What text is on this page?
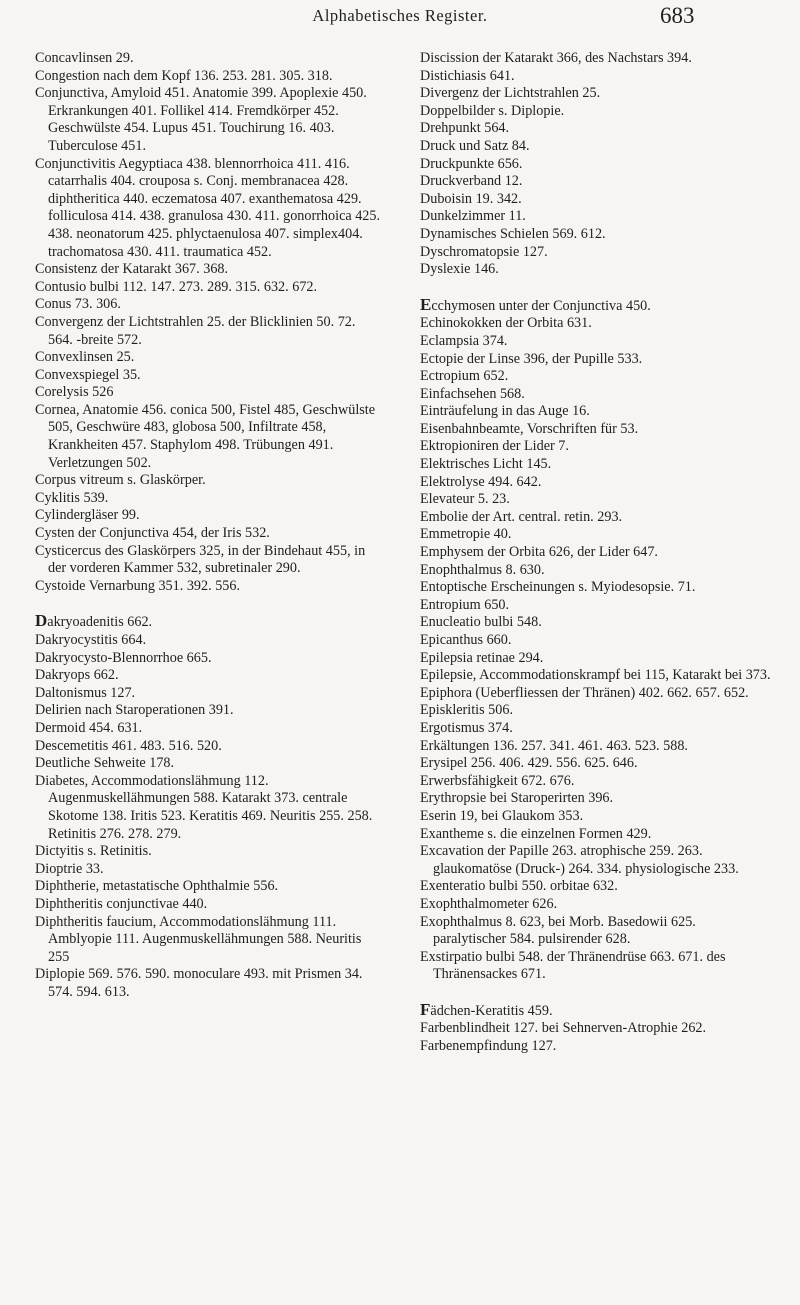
Alphabetisches Register.	683

Concavlinsen 29.

Congestion nach dem Kopf 136. 253. 281. 305. 318.

Conjunctiva, Amyloid 451. Anatomie 399. Apoplexie 450. Erkrankungen 401. Follikel 414. Fremdkörper 452. Geschwülste 454. Lupus 451. Touchirung 16. 403. Tuberculose 451.

Conjunctivitis Aegyptiaca 438. blennorrhoica 411. 416. catarrhalis 404. crouposa s. Conj. membranacea 428. diphtheritica 440. eczematosa 407. exanthematosa 429. folliculosa 414. 438. granulosa 430. 411. gonorrhoica 425. 438. neonatorum 425. phlyctaenulosa 407. simplex404. trachomatosa 430. 411. traumatica 452.

Consistenz der Katarakt 367. 368.

Contusio bulbi 112. 147. 273. 289. 315. 632. 672.

Conus 73. 306.

Convergenz der Lichtstrahlen 25. der Blicklinien 50. 72. 564. -breite 572.

Convexlinsen 25.

Convexspiegel 35.

Corelysis 526

Cornea, Anatomie 456. conica 500, Fistel 485, Geschwülste 505, Geschwüre 483, globosa 500, Infiltrate 458, Krankheiten 457. Staphylom 498. Trübungen 491. Verletzungen 502.

Corpus vitreum s. Glaskörper.

Cyklitis 539.

Cylindergläser 99.

Cysten der Conjunctiva 454, der Iris 532.

Cysticercus des Glaskörpers 325, in der Bindehaut 455, in der vorderen Kammer 532, subretinaler 290.

Cystoide Vernarbung 351. 392. 556.

Dakryoadenitis 662.

Dakryocystitis 664.

Dakryocysto-Blennorrhoe 665.

Dakryops 662.

Daltonismus 127.

Delirien nach Staroperationen 391.

Dermoid 454. 631.

Descemetitis 461. 483. 516. 520.

Deutliche Sehweite 178.

Diabetes, Accommodationslähmung 112. Augenmuskellähmungen 588. Katarakt 373. centrale Skotome 138. Iritis 523. Keratitis 469. Neuritis 255. 258. Retinitis 276. 278. 279.

Dictyitis s. Retinitis.

Dioptrie 33.

Diphtherie, metastatische Ophthalmie 556.

Diphtheritis conjunctivae 440.

Diphtheritis faucium, Accommodationslähmung 111. Amblyopie 111. Augenmuskellähmungen 588. Neuritis 255

Diplopie 569. 576. 590. monoculare 493. mit Prismen 34. 574. 594. 613.

Discission der Katarakt 366, des Nachstars 394.

Distichiasis 641.

Divergenz der Lichtstrahlen 25.

Doppelbilder s. Diplopie.

Drehpunkt 564.

Druck und Satz 84.

Druckpunkte 656.

Druckverband 12.

Duboisin 19. 342.

Dunkelzimmer 11.

Dynamisches Schielen 569. 612.

Dyschromatopsie 127.

Dyslexie 146.

Ecchymosen unter der Conjunctiva 450.

Echinokokken der Orbita 631.

Eclampsia 374.

Ectopie der Linse 396, der Pupille 533.

Ectropium 652.

Einfachsehen 568.

Einträufelung in das Auge 16.

Eisenbahnbeamte, Vorschriften für 53.

Ektropioniren der Lider 7.

Elektrisches Licht 145.

Elektrolyse 494. 642.

Elevateur 5. 23.

Embolie der Art. central. retin. 293.

Emmetropie 40.

Emphysem der Orbita 626, der Lider 647.

Enophthalmus 8. 630.

Entoptische Erscheinungen s. Myiodesopsie. 71.

Entropium 650.

Enucleatio bulbi 548.

Epicanthus 660.

Epilepsia retinae 294.

Epilepsie, Accommodationskrampf bei 115, Katarakt bei 373.

Epiphora (Ueberfliessen der Thränen) 402. 662. 657. 652.

Episkleritis 506.

Ergotismus 374.

Erkältungen 136. 257. 341. 461. 463. 523. 588.

Erysipel 256. 406. 429. 556. 625. 646.

Erwerbsfähigkeit 672. 676.

Erythropsie bei Staroperirten 396.

Eserin 19, bei Glaukom 353.

Exantheme s. die einzelnen Formen 429.

Excavation der Papille 263. atrophische 259. 263. glaukomatöse (Druck-) 264. 334. physiologische 233.

Exenteratio bulbi 550. orbitae 632.

Exophthalmometer 626.

Exophthalmus 8. 623, bei Morb. Basedowii 625. paralytischer 584. pulsirender 628.

Exstirpatio bulbi 548. der Thränendrüse 663. 671. des Thränensackes 671.

Fädchen-Keratitis 459.

Farbenblindheit 127. bei Sehnerven-Atrophie 262.

Farbenempfindung 127.
